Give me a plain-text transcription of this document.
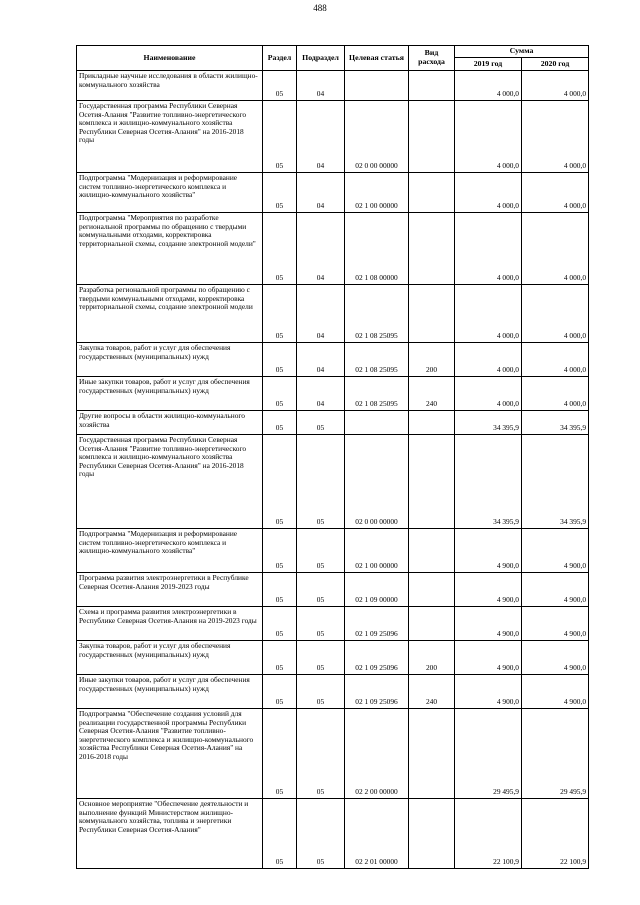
488
Наименование	Раздел	Подраздел	Целевая статья	Вид расхода	Сумма	
					2019 год	2020 год
Прикладные научные исследования в области жилищно-коммунального хозяйства	05	04			4 000,0	4 000,0
Государственная программа Республики Северная Осетия-Алания "Развитие топливно-энергетического комплекса и жилищно-коммунального хозяйства Республики Северная Осетия-Алания" на 2016-2018 годы	05	04	02 0 00 00000		4 000,0	4 000,0
Подпрограмма "Модернизация и реформирование систем топливно-энергетического комплекса и жилищно-коммунального хозяйства"	05	04	02 1 00 00000		4 000,0	4 000,0
Подпрограмма "Мероприятия по разработке региональной программы по обращению с твердыми коммунальными отходами, корректировка территориальной схемы, создание электронной модели"	05	04	02 1 08 00000		4 000,0	4 000,0
Разработка региональной программы по обращению с твердыми коммунальными отходами, корректировка территориальной схемы, создание электронной модели	05	04	02 1 08 25095		4 000,0	4 000,0
Закупка товаров, работ и услуг для обеспечения государственных (муниципальных) нужд	05	04	02 1 08 25095	200	4 000,0	4 000,0
Иные закупки товаров, работ и услуг для обеспечения государственных (муниципальных) нужд	05	04	02 1 08 25095	240	4 000,0	4 000,0
Другие вопросы в области жилищно-коммунального хозяйства	05	05			34 395,9	34 395,9
Государственная программа Республики Северная Осетия-Алания "Развитие топливно-энергетического комплекса и жилищно-коммунального хозяйства Республики Северная Осетия-Алания" на 2016-2018 годы	05	05	02 0 00 00000		34 395,9	34 395,9
Подпрограмма "Модернизация и реформирование систем топливно-энергетического комплекса и жилищно-коммунального хозяйства"	05	05	02 1 00 00000		4 900,0	4 900,0
Программа развития электроэнергетики в Республике Северная Осетия-Алания 2019-2023 годы	05	05	02 1 09 00000		4 900,0	4 900,0
Схема и программа развития электроэнергетики в Республике Северная Осетия-Алания на 2019-2023 годы	05	05	02 1 09 25096		4 900,0	4 900,0
Закупка товаров, работ и услуг для обеспечения государственных (муниципальных) нужд	05	05	02 1 09 25096	200	4 900,0	4 900,0
Иные закупки товаров, работ и услуг для обеспечения государственных (муниципальных) нужд	05	05	02 1 09 25096	240	4 900,0	4 900,0
Подпрограмма "Обеспечение создания условий для реализации государственной программы Республики Северная Осетия-Алания "Развитие топливно-энергетического комплекса и жилищно-коммунального хозяйства Республики Северная Осетия-Алания" на 2016-2018 годы	05	05	02 2 00 00000		29 495,9	29 495,9
Основное мероприятие "Обеспечение деятельности и выполнение функций Министерством жилищно-коммунального хозяйства, топлива и энергетики Республики Северная Осетия-Алания"	05	05	02 2 01 00000		22 100,9	22 100,9
